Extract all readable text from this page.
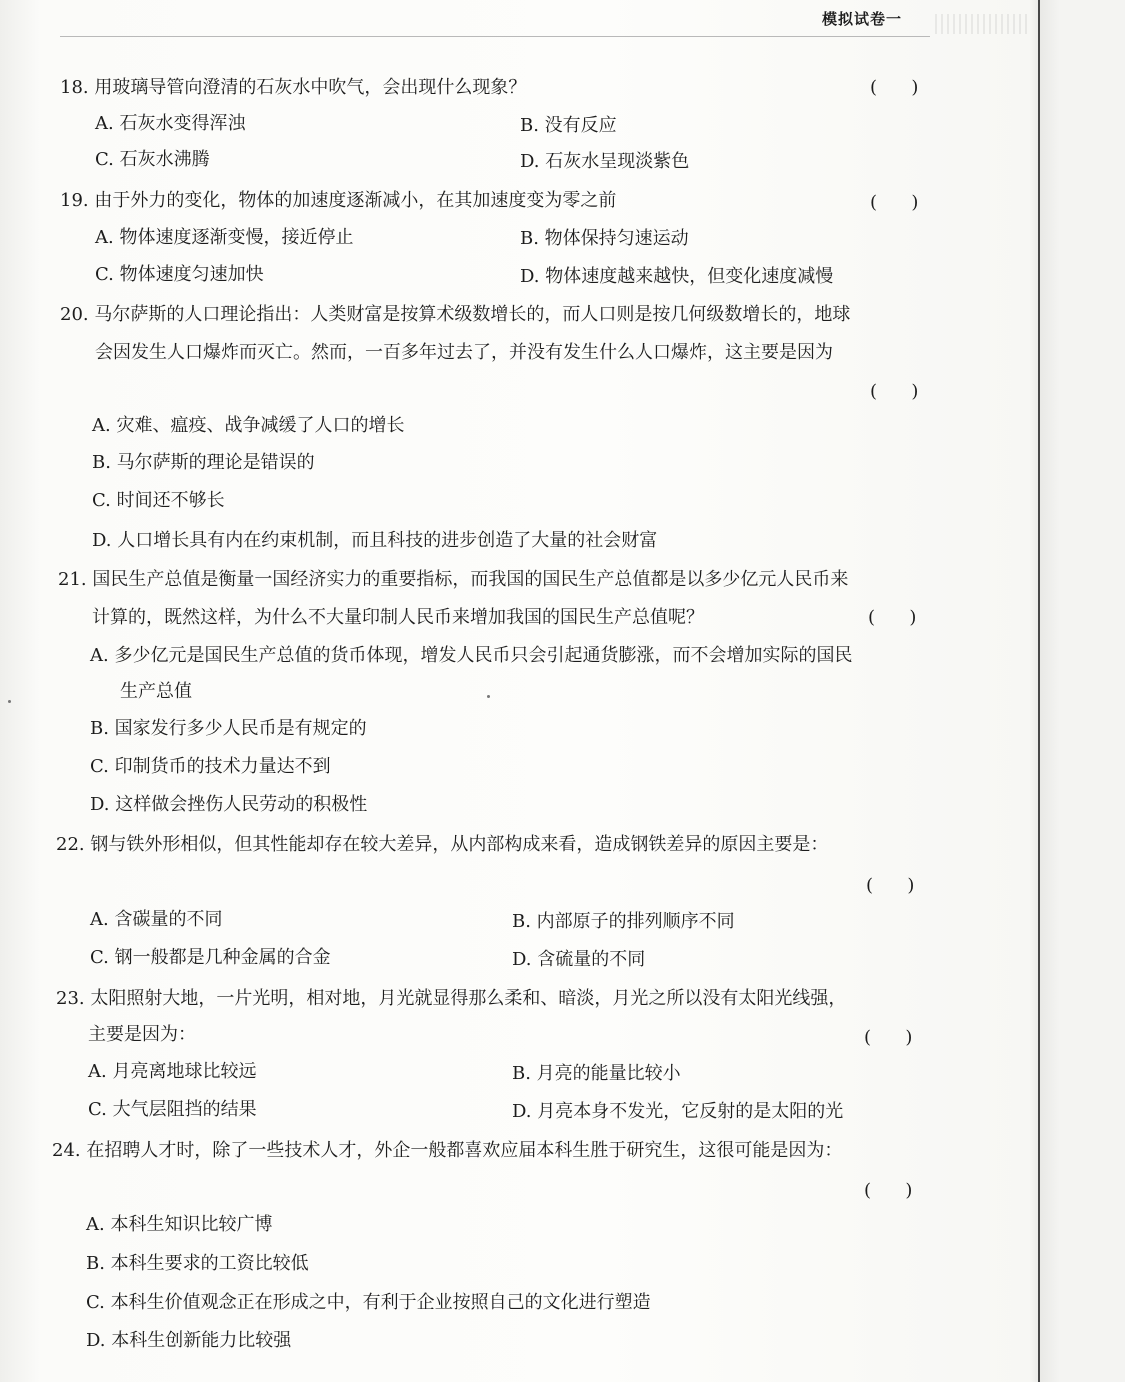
模拟试卷一
18. 用玻璃导管向澄清的石灰水中吹气，会出现什么现象？	(      )
A. 石灰水变得浑浊	B. 没有反应
C. 石灰水沸腾	D. 石灰水呈现淡紫色
19. 由于外力的变化，物体的加速度逐渐减小，在其加速度变为零之前	(      )
A. 物体速度逐渐变慢，接近停止	B. 物体保持匀速运动
C. 物体速度匀速加快	D. 物体速度越来越快，但变化速度减慢
20. 马尔萨斯的人口理论指出：人类财富是按算术级数增长的，而人口则是按几何级数增长的，地球
会因发生人口爆炸而灭亡。然而，一百多年过去了，并没有发生什么人口爆炸，这主要是因为
(      )
A. 灾难、瘟疫、战争减缓了人口的增长
B. 马尔萨斯的理论是错误的
C. 时间还不够长
D. 人口增长具有内在约束机制，而且科技的进步创造了大量的社会财富
21. 国民生产总值是衡量一国经济实力的重要指标，而我国的国民生产总值都是以多少亿元人民币来
计算的，既然这样，为什么不大量印制人民币来增加我国的国民生产总值呢？	(      )
A. 多少亿元是国民生产总值的货币体现，增发人民币只会引起通货膨涨，而不会增加实际的国民
生产总值
B. 国家发行多少人民币是有规定的
C. 印制货币的技术力量达不到
D. 这样做会挫伤人民劳动的积极性
22. 钢与铁外形相似，但其性能却存在较大差异，从内部构成来看，造成钢铁差异的原因主要是：
(      )
A. 含碳量的不同	B. 内部原子的排列顺序不同
C. 钢一般都是几种金属的合金	D. 含硫量的不同
23. 太阳照射大地，一片光明，相对地，月光就显得那么柔和、暗淡，月光之所以没有太阳光线强，
主要是因为：	(      )
A. 月亮离地球比较远	B. 月亮的能量比较小
C. 大气层阻挡的结果	D. 月亮本身不发光，它反射的是太阳的光
24. 在招聘人才时，除了一些技术人才，外企一般都喜欢应届本科生胜于研究生，这很可能是因为：
(      )
A. 本科生知识比较广博
B. 本科生要求的工资比较低
C. 本科生价值观念正在形成之中，有利于企业按照自己的文化进行塑造
D. 本科生创新能力比较强
